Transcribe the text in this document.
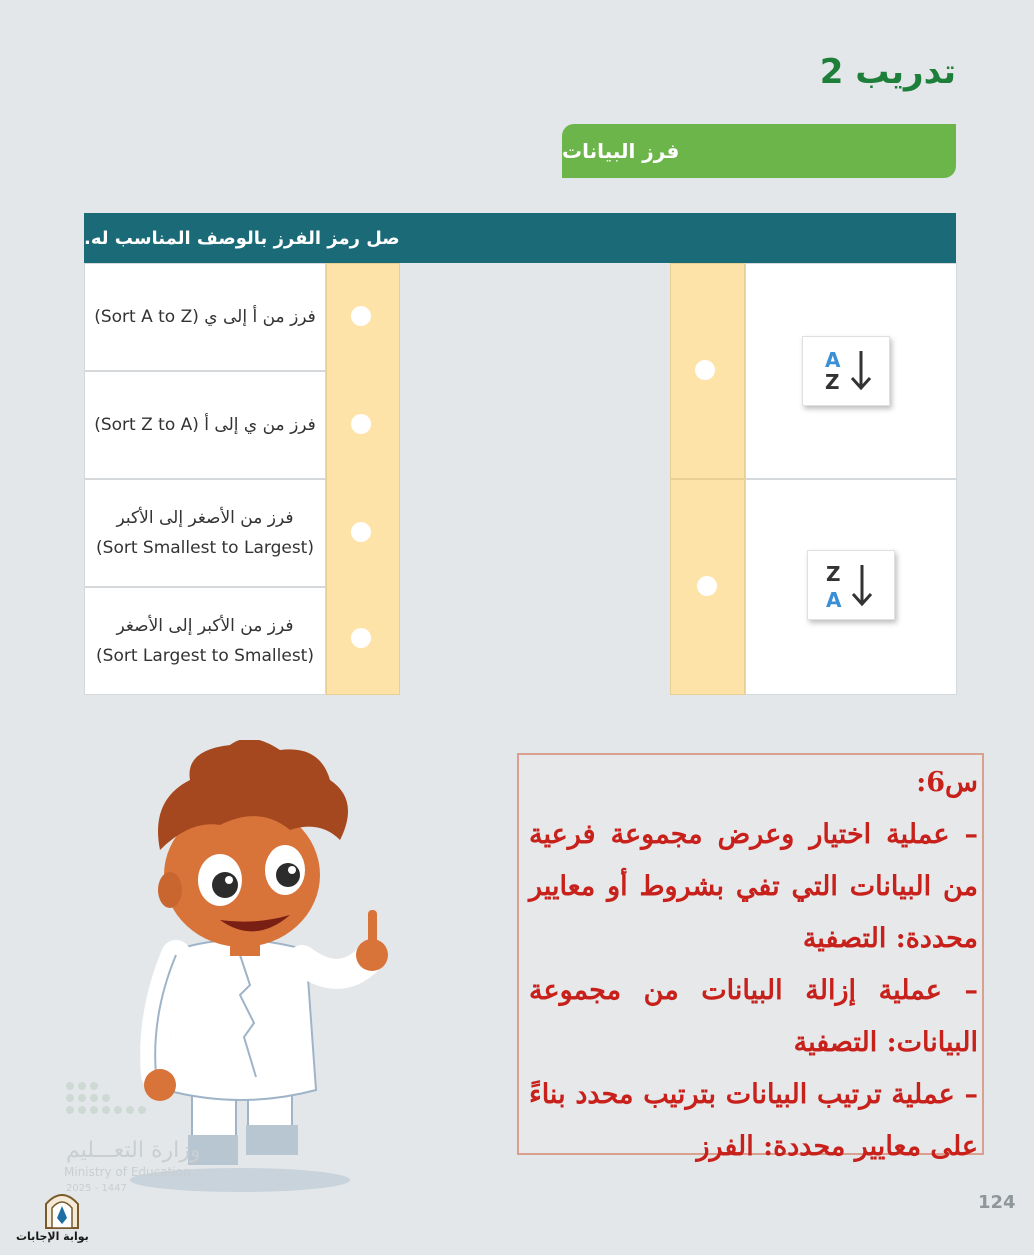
تدريب 2
فرز البيانات
صل رمز الفرز بالوصف المناسب له.
فرز من أ إلى ي (Sort A to Z)
فرز من ي إلى أ (Sort Z to A)
فرز من الأصغر إلى الأكبر
(Sort Smallest to Largest)
فرز من الأكبر إلى الأصغر
(Sort Largest to Smallest)
A
Z
Z
A

س6:

– عملية اختيار وعرض مجموعة فرعية من البيانات التي تفي بشروط أو معايير محددة: التصفية

– عملية إزالة البيانات من مجموعة البيانات: التصفية

– عملية ترتيب البيانات بترتيب محدد بناءً على معايير محددة: الفرز

وزارة التعـــليم
Ministry of Education
2025 - 1447
بوابة الإجابات
124
